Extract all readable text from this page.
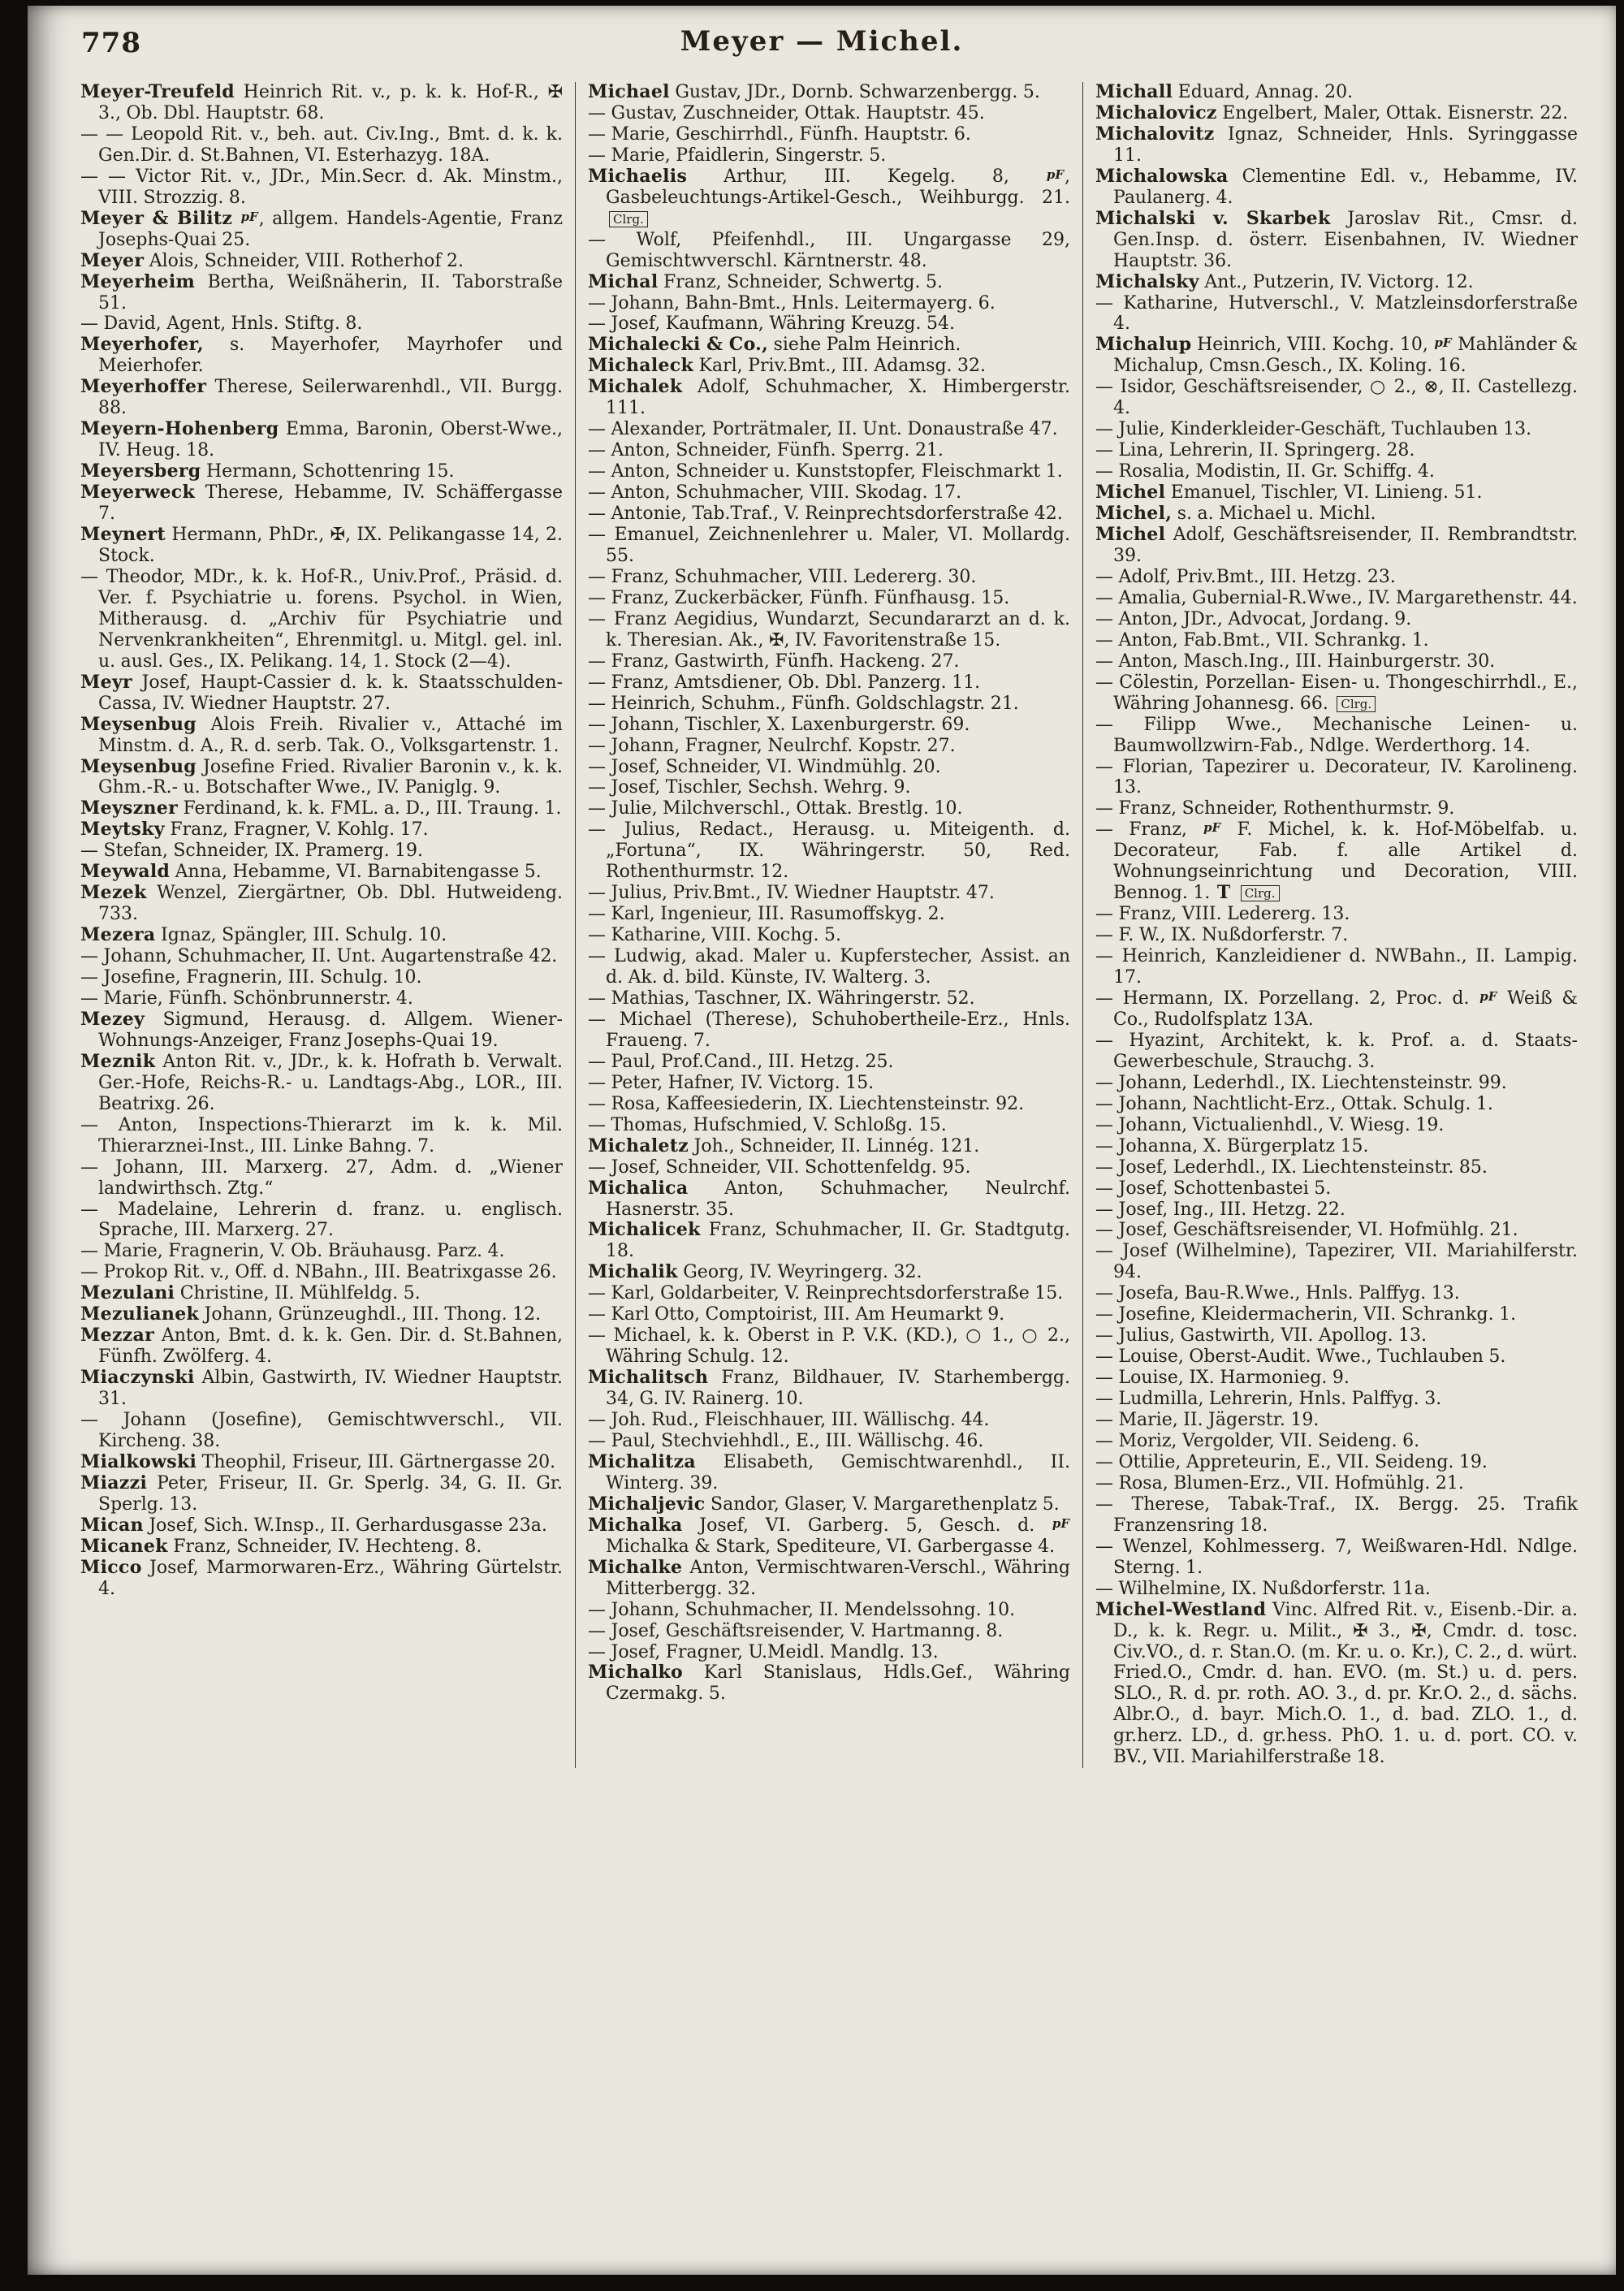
778	Meyer — Michel.
Meyer-Treufeld Heinrich Rit. v., p. k. k. Hof-R., ✠ 3., Ob. Dbl. Hauptstr. 68.
— — Leopold Rit. v., beh. aut. Civ.Ing., Bmt. d. k. k. Gen.Dir. d. St.Bahnen, VI. Esterhazyg. 18A.
— — Victor Rit. v., JDr., Min.Secr. d. Ak. Minstm., VIII. Strozzig. 8.
Meyer & Bilitz pF, allgem. Handels-Agentie, Franz Josephs-Quai 25.
Meyer Alois, Schneider, VIII. Rotherhof 2.
Meyerheim Bertha, Weißnäherin, II. Taborstraße 51.
— David, Agent, Hnls. Stiftg. 8.
Meyerhofer, s. Mayerhofer, Mayrhofer und Meierhofer.
Meyerhoffer Therese, Seilerwarenhdl., VII. Burgg. 88.
Meyern-Hohenberg Emma, Baronin, Oberst-Wwe., IV. Heug. 18.
Meyersberg Hermann, Schottenring 15.
Meyerweck Therese, Hebamme, IV. Schäffergasse 7.
Meynert Hermann, PhDr., ✠, IX. Pelikangasse 14, 2. Stock.
— Theodor, MDr., k. k. Hof-R., Univ.Prof., Präsid. d. Ver. f. Psychiatrie u. forens. Psychol. in Wien, Mitherausg. d. „Archiv für Psychiatrie und Nervenkrankheiten“, Ehrenmitgl. u. Mitgl. gel. inl. u. ausl. Ges., IX. Pelikang. 14, 1. Stock (2—4).
Meyr Josef, Haupt-Cassier d. k. k. Staatsschulden-Cassa, IV. Wiedner Hauptstr. 27.
Meysenbug Alois Freih. Rivalier v., Attaché im Minstm. d. A., R. d. serb. Tak. O., Volksgartenstr. 1.
Meysenbug Josefine Fried. Rivalier Baronin v., k. k. Ghm.-R.- u. Botschafter Wwe., IV. Paniglg. 9.
Meyszner Ferdinand, k. k. FML. a. D., III. Traung. 1.
Meytsky Franz, Fragner, V. Kohlg. 17.
— Stefan, Schneider, IX. Pramerg. 19.
Meywald Anna, Hebamme, VI. Barnabitengasse 5.
Mezek Wenzel, Ziergärtner, Ob. Dbl. Hutweideng. 733.
Mezera Ignaz, Spängler, III. Schulg. 10.
— Johann, Schuhmacher, II. Unt. Augartenstraße 42.
— Josefine, Fragnerin, III. Schulg. 10.
— Marie, Fünfh. Schönbrunnerstr. 4.
Mezey Sigmund, Herausg. d. Allgem. Wiener-Wohnungs-Anzeiger, Franz Josephs-Quai 19.
Meznik Anton Rit. v., JDr., k. k. Hofrath b. Verwalt. Ger.-Hofe, Reichs-R.- u. Landtags-Abg., LOR., III. Beatrixg. 26.
— Anton, Inspections-Thierarzt im k. k. Mil. Thierarznei-Inst., III. Linke Bahng. 7.
— Johann, III. Marxerg. 27, Adm. d. „Wiener landwirthsch. Ztg.“
— Madelaine, Lehrerin d. franz. u. englisch. Sprache, III. Marxerg. 27.
— Marie, Fragnerin, V. Ob. Bräuhausg. Parz. 4.
— Prokop Rit. v., Off. d. NBahn., III. Beatrixgasse 26.
Mezulani Christine, II. Mühlfeldg. 5.
Mezulianek Johann, Grünzeughdl., III. Thong. 12.
Mezzar Anton, Bmt. d. k. k. Gen. Dir. d. St.Bahnen, Fünfh. Zwölferg. 4.
Miaczynski Albin, Gastwirth, IV. Wiedner Hauptstr. 31.
— Johann (Josefine), Gemischtwverschl., VII. Kircheng. 38.
Mialkowski Theophil, Friseur, III. Gärtnergasse 20.
Miazzi Peter, Friseur, II. Gr. Sperlg. 34, G. II. Gr. Sperlg. 13.
Mican Josef, Sich. W.Insp., II. Gerhardusgasse 23a.
Micanek Franz, Schneider, IV. Hechteng. 8.
Micco Josef, Marmorwaren-Erz., Währing Gürtelstr. 4.
Michael Gustav, JDr., Dornb. Schwarzenbergg. 5.
— Gustav, Zuschneider, Ottak. Hauptstr. 45.
— Marie, Geschirrhdl., Fünfh. Hauptstr. 6.
— Marie, Pfaidlerin, Singerstr. 5.
Michaelis Arthur, III. Kegelg. 8, pF, Gasbeleuchtungs-Artikel-Gesch., Weihburgg. 21. Clrg.
— Wolf, Pfeifenhdl., III. Ungargasse 29, Gemischtwverschl. Kärntnerstr. 48.
Michal Franz, Schneider, Schwertg. 5.
— Johann, Bahn-Bmt., Hnls. Leitermayerg. 6.
— Josef, Kaufmann, Währing Kreuzg. 54.
Michalecki & Co., siehe Palm Heinrich.
Michaleck Karl, Priv.Bmt., III. Adamsg. 32.
Michalek Adolf, Schuhmacher, X. Himbergerstr. 111.
— Alexander, Porträtmaler, II. Unt. Donaustraße 47.
— Anton, Schneider, Fünfh. Sperrg. 21.
— Anton, Schneider u. Kunststopfer, Fleischmarkt 1.
— Anton, Schuhmacher, VIII. Skodag. 17.
— Antonie, Tab.Traf., V. Reinprechtsdorferstraße 42.
— Emanuel, Zeichnenlehrer u. Maler, VI. Mollardg. 55.
— Franz, Schuhmacher, VIII. Ledererg. 30.
— Franz, Zuckerbäcker, Fünfh. Fünfhausg. 15.
— Franz Aegidius, Wundarzt, Secundararzt an d. k. k. Theresian. Ak., ✠, IV. Favoritenstraße 15.
— Franz, Gastwirth, Fünfh. Hackeng. 27.
— Franz, Amtsdiener, Ob. Dbl. Panzerg. 11.
— Heinrich, Schuhm., Fünfh. Goldschlagstr. 21.
— Johann, Tischler, X. Laxenburgerstr. 69.
— Johann, Fragner, Neulrchf. Kopstr. 27.
— Josef, Schneider, VI. Windmühlg. 20.
— Josef, Tischler, Sechsh. Wehrg. 9.
— Julie, Milchverschl., Ottak. Brestlg. 10.
— Julius, Redact., Herausg. u. Miteigenth. d. „Fortuna“, IX. Währingerstr. 50, Red. Rothenthurmstr. 12.
— Julius, Priv.Bmt., IV. Wiedner Hauptstr. 47.
— Karl, Ingenieur, III. Rasumoffskyg. 2.
— Katharine, VIII. Kochg. 5.
— Ludwig, akad. Maler u. Kupferstecher, Assist. an d. Ak. d. bild. Künste, IV. Walterg. 3.
— Mathias, Taschner, IX. Währingerstr. 52.
— Michael (Therese), Schuhobertheile-Erz., Hnls. Fraueng. 7.
— Paul, Prof.Cand., III. Hetzg. 25.
— Peter, Hafner, IV. Victorg. 15.
— Rosa, Kaffeesiederin, IX. Liechtensteinstr. 92.
— Thomas, Hufschmied, V. Schloßg. 15.
Michaletz Joh., Schneider, II. Linnég. 121.
— Josef, Schneider, VII. Schottenfeldg. 95.
Michalica Anton, Schuhmacher, Neulrchf. Hasnerstr. 35.
Michalicek Franz, Schuhmacher, II. Gr. Stadtgutg. 18.
Michalik Georg, IV. Weyringerg. 32.
— Karl, Goldarbeiter, V. Reinprechtsdorferstraße 15.
— Karl Otto, Comptoirist, III. Am Heumarkt 9.
— Michael, k. k. Oberst in P. V.K. (KD.), ○ 1., ○ 2., Währing Schulg. 12.
Michalitsch Franz, Bildhauer, IV. Starhembergg. 34, G. IV. Rainerg. 10.
— Joh. Rud., Fleischhauer, III. Wällischg. 44.
— Paul, Stechviehhdl., E., III. Wällischg. 46.
Michalitza Elisabeth, Gemischtwarenhdl., II. Winterg. 39.
Michaljevic Sandor, Glaser, V. Margarethenplatz 5.
Michalka Josef, VI. Garberg. 5, Gesch. d. pF Michalka & Stark, Spediteure, VI. Garbergasse 4.
Michalke Anton, Vermischtwaren-Verschl., Währing Mitterbergg. 32.
— Johann, Schuhmacher, II. Mendelssohng. 10.
— Josef, Geschäftsreisender, V. Hartmanng. 8.
— Josef, Fragner, U.Meidl. Mandlg. 13.
Michalko Karl Stanislaus, Hdls.Gef., Währing Czermakg. 5.
Michall Eduard, Annag. 20.
Michalovicz Engelbert, Maler, Ottak. Eisnerstr. 22.
Michalovitz Ignaz, Schneider, Hnls. Syringgasse 11.
Michalowska Clementine Edl. v., Hebamme, IV. Paulanerg. 4.
Michalski v. Skarbek Jaroslav Rit., Cmsr. d. Gen.Insp. d. österr. Eisenbahnen, IV. Wiedner Hauptstr. 36.
Michalsky Ant., Putzerin, IV. Victorg. 12.
— Katharine, Hutverschl., V. Matzleinsdorferstraße 4.
Michalup Heinrich, VIII. Kochg. 10, pF Mahländer & Michalup, Cmsn.Gesch., IX. Koling. 16.
— Isidor, Geschäftsreisender, ○ 2., ⊗, II. Castellezg. 4.
— Julie, Kinderkleider-Geschäft, Tuchlauben 13.
— Lina, Lehrerin, II. Springerg. 28.
— Rosalia, Modistin, II. Gr. Schiffg. 4.
Michel Emanuel, Tischler, VI. Linieng. 51.
Michel, s. a. Michael u. Michl.
Michel Adolf, Geschäftsreisender, II. Rembrandtstr. 39.
— Adolf, Priv.Bmt., III. Hetzg. 23.
— Amalia, Gubernial-R.Wwe., IV. Margarethenstr. 44.
— Anton, JDr., Advocat, Jordang. 9.
— Anton, Fab.Bmt., VII. Schrankg. 1.
— Anton, Masch.Ing., III. Hainburgerstr. 30.
— Cölestin, Porzellan- Eisen- u. Thongeschirrhdl., E., Währing Johannesg. 66. Clrg.
— Filipp Wwe., Mechanische Leinen- u. Baumwollzwirn-Fab., Ndlge. Werderthorg. 14.
— Florian, Tapezirer u. Decorateur, IV. Karolineng. 13.
— Franz, Schneider, Rothenthurmstr. 9.
— Franz, pF F. Michel, k. k. Hof-Möbelfab. u. Decorateur, Fab. f. alle Artikel d. Wohnungseinrichtung und Decoration, VIII. Bennog. 1. T Clrg.
— Franz, VIII. Ledererg. 13.
— F. W., IX. Nußdorferstr. 7.
— Heinrich, Kanzleidiener d. NWBahn., II. Lampig. 17.
— Hermann, IX. Porzellang. 2, Proc. d. pF Weiß & Co., Rudolfsplatz 13A.
— Hyazint, Architekt, k. k. Prof. a. d. Staats-Gewerbeschule, Strauchg. 3.
— Johann, Lederhdl., IX. Liechtensteinstr. 99.
— Johann, Nachtlicht-Erz., Ottak. Schulg. 1.
— Johann, Victualienhdl., V. Wiesg. 19.
— Johanna, X. Bürgerplatz 15.
— Josef, Lederhdl., IX. Liechtensteinstr. 85.
— Josef, Schottenbastei 5.
— Josef, Ing., III. Hetzg. 22.
— Josef, Geschäftsreisender, VI. Hofmühlg. 21.
— Josef (Wilhelmine), Tapezirer, VII. Mariahilferstr. 94.
— Josefa, Bau-R.Wwe., Hnls. Palffyg. 13.
— Josefine, Kleidermacherin, VII. Schrankg. 1.
— Julius, Gastwirth, VII. Apollog. 13.
— Louise, Oberst-Audit. Wwe., Tuchlauben 5.
— Louise, IX. Harmonieg. 9.
— Ludmilla, Lehrerin, Hnls. Palffyg. 3.
— Marie, II. Jägerstr. 19.
— Moriz, Vergolder, VII. Seideng. 6.
— Ottilie, Appreteurin, E., VII. Seideng. 19.
— Rosa, Blumen-Erz., VII. Hofmühlg. 21.
— Therese, Tabak-Traf., IX. Bergg. 25. Trafik Franzensring 18.
— Wenzel, Kohlmesserg. 7, Weißwaren-Hdl. Ndlge. Sterng. 1.
— Wilhelmine, IX. Nußdorferstr. 11a.
Michel-Westland Vinc. Alfred Rit. v., Eisenb.-Dir. a. D., k. k. Regr. u. Milit., ✠ 3., ✠, Cmdr. d. tosc. Civ.VO., d. r. Stan.O. (m. Kr. u. o. Kr.), C. 2., d. würt. Fried.O., Cmdr. d. han. EVO. (m. St.) u. d. pers. SLO., R. d. pr. roth. AO. 3., d. pr. Kr.O. 2., d. sächs. Albr.O., d. bayr. Mich.O. 1., d. bad. ZLO. 1., d. gr.herz. LD., d. gr.hess. PhO. 1. u. d. port. CO. v. BV., VII. Mariahilferstraße 18.
